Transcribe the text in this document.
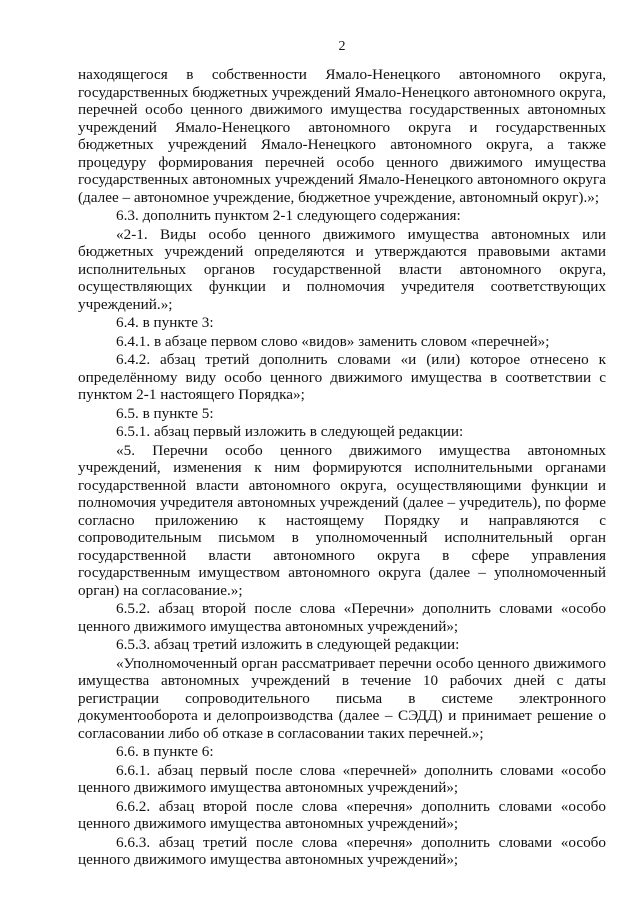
2

находящегося в собственности Ямало-Ненецкого автономного округа, государственных бюджетных учреждений Ямало-Ненецкого автономного округа, перечней особо ценного движимого имущества государственных автономных учреждений Ямало-Ненецкого автономного округа и государственных бюджетных учреждений Ямало-Ненецкого автономного округа, а также процедуру формирования перечней особо ценного движимого имущества государственных автономных учреждений Ямало-Ненецкого автономного округа (далее – автономное учреждение, бюджетное учреждение, автономный округ).»;

6.3. дополнить пунктом 2-1 следующего содержания:

«2-1. Виды особо ценного движимого имущества автономных или бюджетных учреждений определяются и утверждаются правовыми актами исполнительных органов государственной власти автономного округа, осуществляющих функции и полномочия учредителя соответствующих учреждений.»;

6.4. в пункте 3:

6.4.1. в абзаце первом слово «видов» заменить словом «перечней»;

6.4.2. абзац третий дополнить словами «и (или) которое отнесено к определённому виду особо ценного движимого имущества в соответствии с пунктом 2-1 настоящего Порядка»;

6.5. в пункте 5:

6.5.1. абзац первый изложить в следующей редакции:

«5. Перечни особо ценного движимого имущества автономных учреждений, изменения к ним формируются исполнительными органами государственной власти автономного округа, осуществляющими функции и полномочия учредителя автономных учреждений (далее – учредитель), по форме согласно приложению к настоящему Порядку и направляются с сопроводительным письмом в уполномоченный исполнительный орган государственной власти автономного округа в сфере управления государственным имуществом автономного округа (далее – уполномоченный орган) на согласование.»;

6.5.2. абзац второй после слова «Перечни» дополнить словами «особо ценного движимого имущества автономных учреждений»;

6.5.3. абзац третий изложить в следующей редакции:

«Уполномоченный орган рассматривает перечни особо ценного движимого имущества автономных учреждений в течение 10 рабочих дней с даты регистрации сопроводительного письма в системе электронного документооборота и делопроизводства (далее – СЭДД) и принимает решение о согласовании либо об отказе в согласовании таких перечней.»;

6.6. в пункте 6:

6.6.1. абзац первый после слова «перечней» дополнить словами «особо ценного движимого имущества автономных учреждений»;

6.6.2. абзац второй после слова «перечня» дополнить словами «особо ценного движимого имущества автономных учреждений»;

6.6.3. абзац третий после слова «перечня» дополнить словами «особо ценного движимого имущества автономных учреждений»;
